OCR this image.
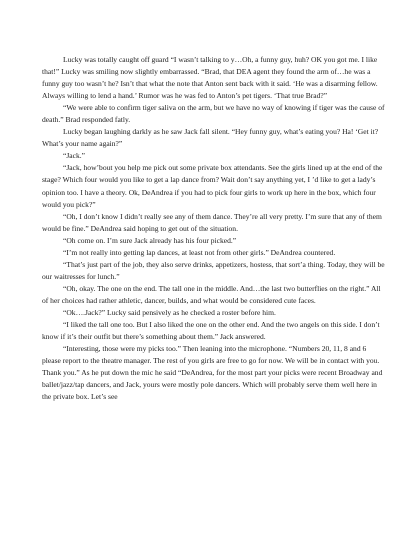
Lucky was totally caught off guard “I wasn’t talking to y…Oh, a funny guy, huh? OK you got me. I like that!” Lucky was smiling now slightly embarrassed. “Brad, that DEA agent they found the arm of…he was a funny guy too wasn’t he? Isn’t that what the note that Anton sent back with it said. ‘He was a disarming fellow. Always willing to lend a hand.’ Rumor was he was fed to Anton’s pet tigers. ‘That true Brad?”

“We were able to confirm tiger saliva on the arm, but we have no way of knowing if tiger was the cause of death.” Brad responded fatly.

Lucky began laughing darkly as he saw Jack fall silent. “Hey funny guy, what’s eating you? Ha! ‘Get it? What’s your name again?”

“Jack.”

“Jack, how’bout you help me pick out some private box attendants. See the girls lined up at the end of the stage? Which four would you like to get a lap dance from? Wait don’t say anything yet, I ’d like to get a lady’s opinion too. I have a theory. Ok, DeAndrea if you had to pick four girls to work up here in the box, which four would you pick?”

“Oh, I don’t know I didn’t really see any of them dance. They’re all very pretty. I’m sure that any of them would be fine.” DeAndrea said hoping to get out of the situation.

“Oh come on. I’m sure Jack already has his four picked.”

“I’m not really into getting lap dances, at least not from other girls.” DeAndrea countered.

“That’s just part of the job, they also serve drinks, appetizers, hostess, that sort’a thing. Today, they will be our waitresses for lunch.”

“Oh, okay. The one on the end. The tall one in the middle. And…the last two butterflies on the right.” All of her choices had rather athletic, dancer, builds, and what would be considered cute faces.

“Ok….Jack?” Lucky said pensively as he checked a roster before him.

“I liked the tall one too. But I also liked the one on the other end. And the two angels on this side. I don’t know if it’s their outfit but there’s something about them.” Jack answered.

“Interesting, those were my picks too.” Then leaning into the microphone. “Numbers 20, 11, 8 and 6 please report to the theatre manager. The rest of you girls are free to go for now. We will be in contact with you. Thank you.” As he put down the mic he said “DeAndrea, for the most part your picks were recent Broadway and ballet/jazz/tap dancers, and Jack, yours were mostly pole dancers. Which will probably serve them well here in the private box. Let’s see
